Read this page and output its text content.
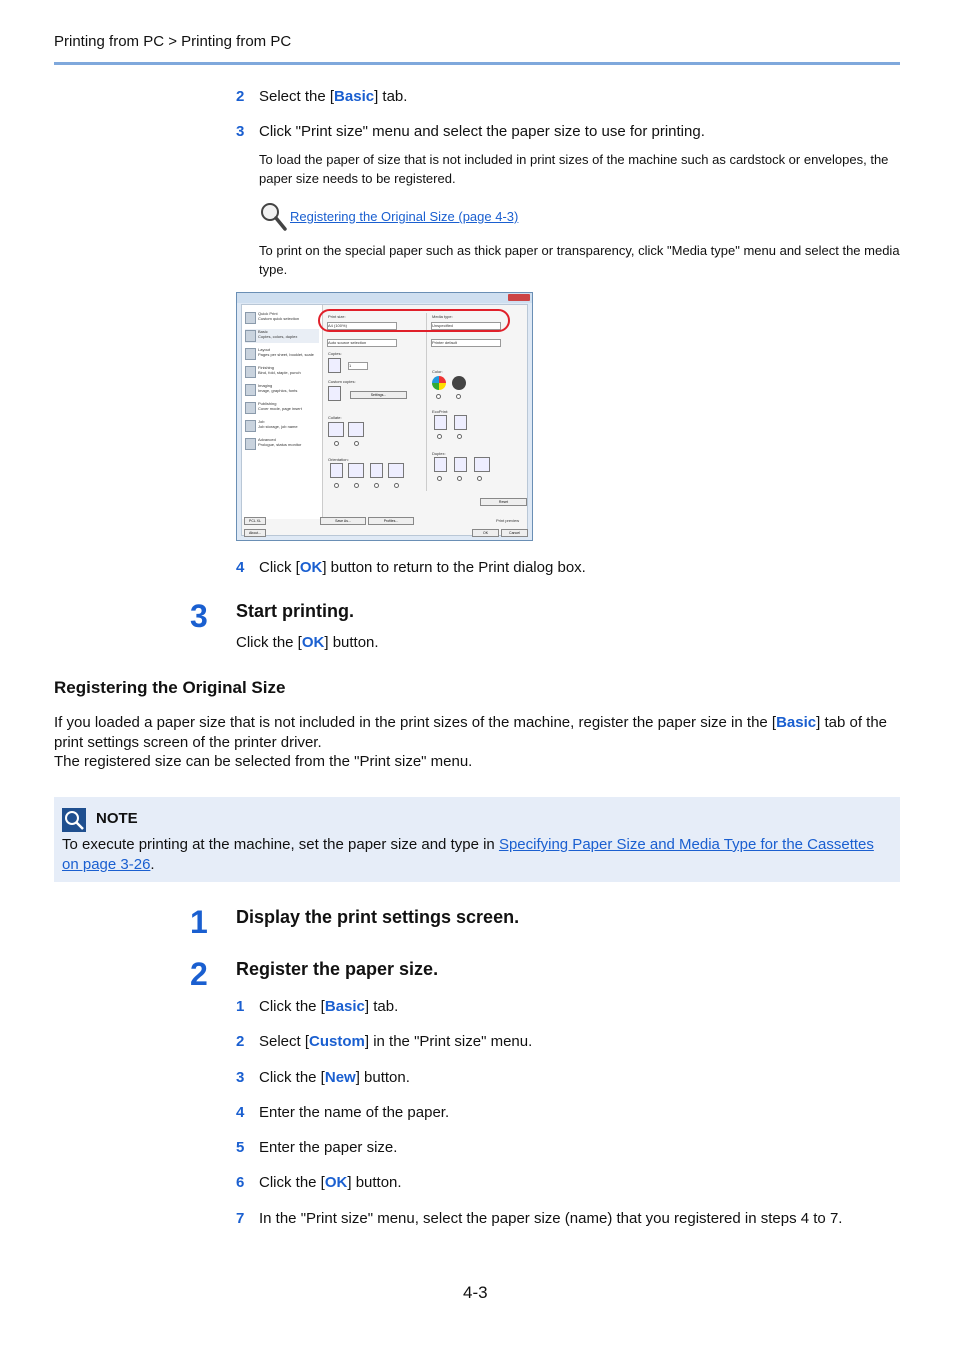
Printing from PC > Printing from PC
2 Select the [Basic] tab.
3 Click "Print size" menu and select the paper size to use for printing.
To load the paper of size that is not included in print sizes of the machine such as cardstock or envelopes, the paper size needs to be registered.
Registering the Original Size (page 4-3)
To print on the special paper such as thick paper or transparency, click "Media type" menu and select the media type.
Quick Print

Custom quick selection
Basic

Copies, colors, duplex
Layout

Pages per sheet, booklet, scale
Finishing

Bind, fold, staple, punch
Imaging

Image, graphics, fonts
Publishing

Cover mode, page insert
Job

Job storage, job name
Advanced

Prologue, status monitor
Print size:
A4 (100%)
Auto source selection
Copies:
1
Custom copies:
Settings...
Collate:
Orientation:
Media type:
Unspecified
Printer default
Color:
EcoPrint:
Duplex:
Reset
PCL XL	Save As...	Profiles...	Print preview
About...	OK	Cancel
4 Click [OK] button to return to the Print dialog box.
3 Start printing.
Click the [OK] button.
Registering the Original Size
If you loaded a paper size that is not included in the print sizes of the machine, register the paper size in the [Basic] tab of the print settings screen of the printer driver.
The registered size can be selected from the "Print size" menu.
NOTE
To execute printing at the machine, set the paper size and type in Specifying Paper Size and Media Type for the Cassettes on page 3-26.
1 Display the print settings screen.
2 Register the paper size.
1 Click the [Basic] tab.
2 Select [Custom] in the "Print size" menu.
3 Click the [New] button.
4 Enter the name of the paper.
5 Enter the paper size.
6 Click the [OK] button.
7 In the "Print size" menu, select the paper size (name) that you registered in steps 4 to 7.
4-3
